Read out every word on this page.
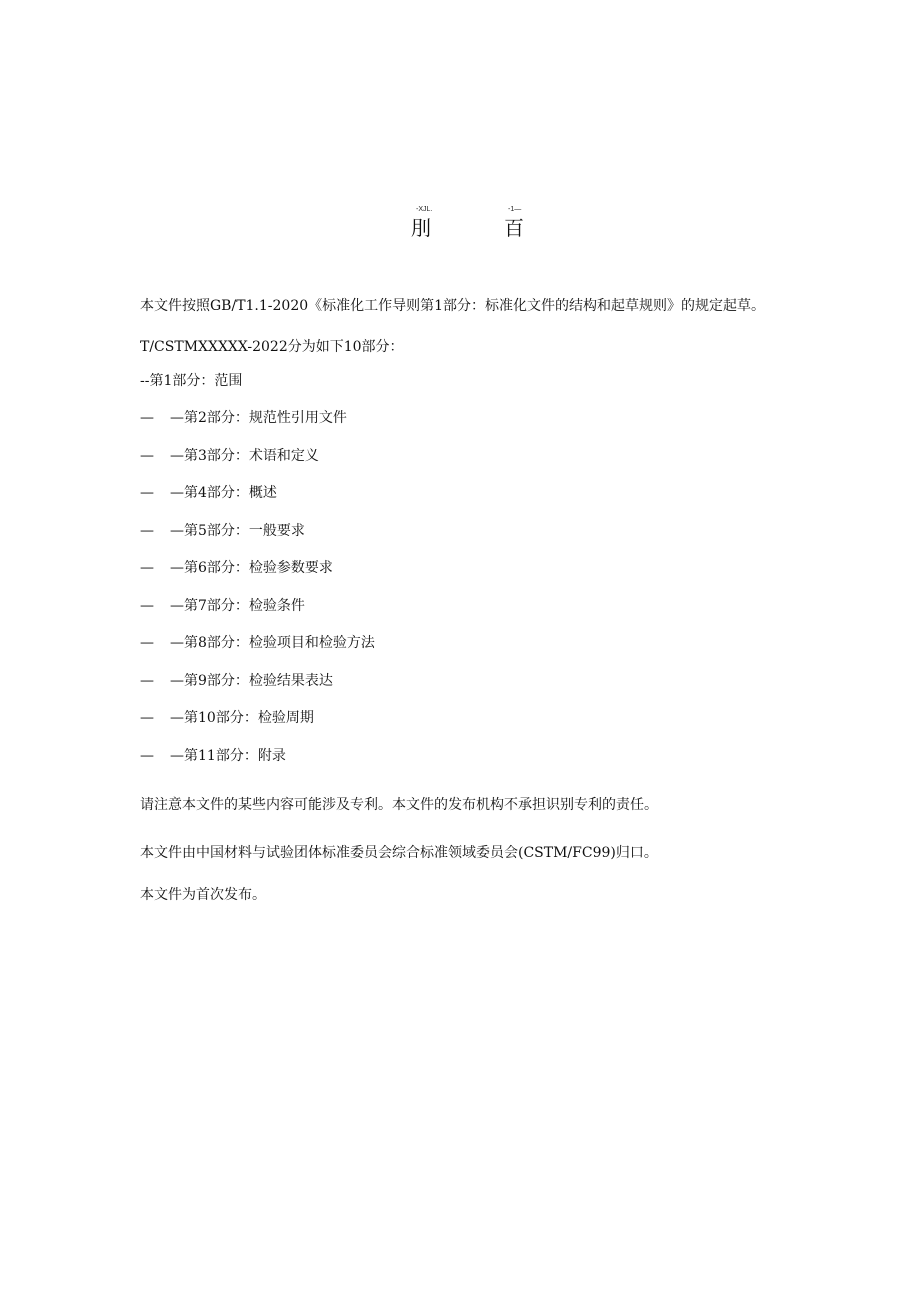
-XJL.	-1—
刖	百
本文件按照GB/T1.1-2020《标准化工作导则第1部分：标准化文件的结构和起草规则》的规定起草。
T/CSTMXXXXX-2022分为如下10部分：
--第1部分：范围
— —第2部分：规范性引用文件
— —第3部分：术语和定义
— —第4部分：概述
— —第5部分：一般要求
— —第6部分：检验参数要求
— —第7部分：检验条件
— —第8部分：检验项目和检验方法
— —第9部分：检验结果表达
— —第10部分：检验周期
— —第11部分：附录
请注意本文件的某些内容可能涉及专利。本文件的发布机构不承担识别专利的责任。
本文件由中国材料与试验团体标准委员会综合标准领域委员会(CSTM/FC99)归口。
本文件为首次发布。
